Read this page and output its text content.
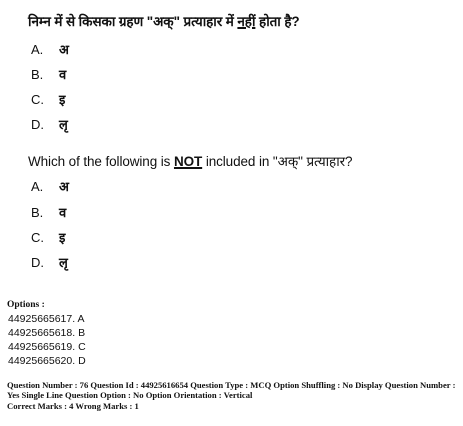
निम्न में से किसका ग्रहण "अक्" प्रत्याहार में नहीं होता है?
A. अ
B. व
C. इ
D. लृ
Which of the following is NOT included in "अक्" प्रत्याहार?
A. अ
B. व
C. इ
D. लृ
Options :
44925665617. A
44925665618. B
44925665619. C
44925665620. D
Question Number : 76 Question Id : 44925616654 Question Type : MCQ Option Shuffling : No Display Question Number : Yes Single Line Question Option : No Option Orientation : Vertical
Correct Marks : 4 Wrong Marks : 1
